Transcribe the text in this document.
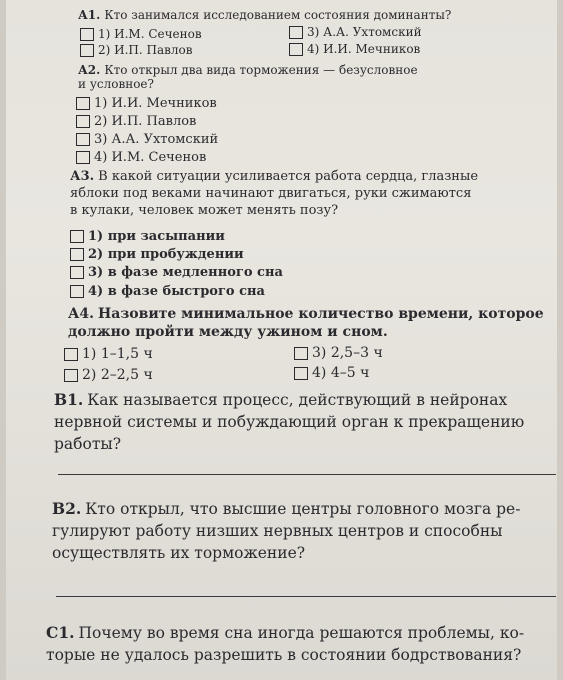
А1. Кто занимался исследованием состояния доминанты?
1) И.М. Сеченов
2) И.П. Павлов
3) А.А. Ухтомский
4) И.И. Мечников
А2. Кто открыл два вида торможения — безусловное
и условное?
1) И.И. Мечников
2) И.П. Павлов
3) А.А. Ухтомский
4) И.М. Сеченов
А3. В какой ситуации усиливается работа сердца, глазные
яблоки под веками начинают двигаться, руки сжимаются
в кулаки, человек может менять позу?
1) при засыпании
2) при пробуждении
3) в фазе медленного сна
4) в фазе быстрого сна
А4. Назовите минимальное количество времени, которое
должно пройти между ужином и сном.
1) 1–1,5 ч
2) 2–2,5 ч
3) 2,5–3 ч
4) 4–5 ч
В1. Как называется процесс, действующий в нейронах
нервной системы и побуждающий орган к прекращению
работы?
В2. Кто открыл, что высшие центры головного мозга ре-
гулируют работу низших нервных центров и способны
осуществлять их торможение?
С1. Почему во время сна иногда решаются проблемы, ко-
торые не удалось разрешить в состоянии бодрствования?
